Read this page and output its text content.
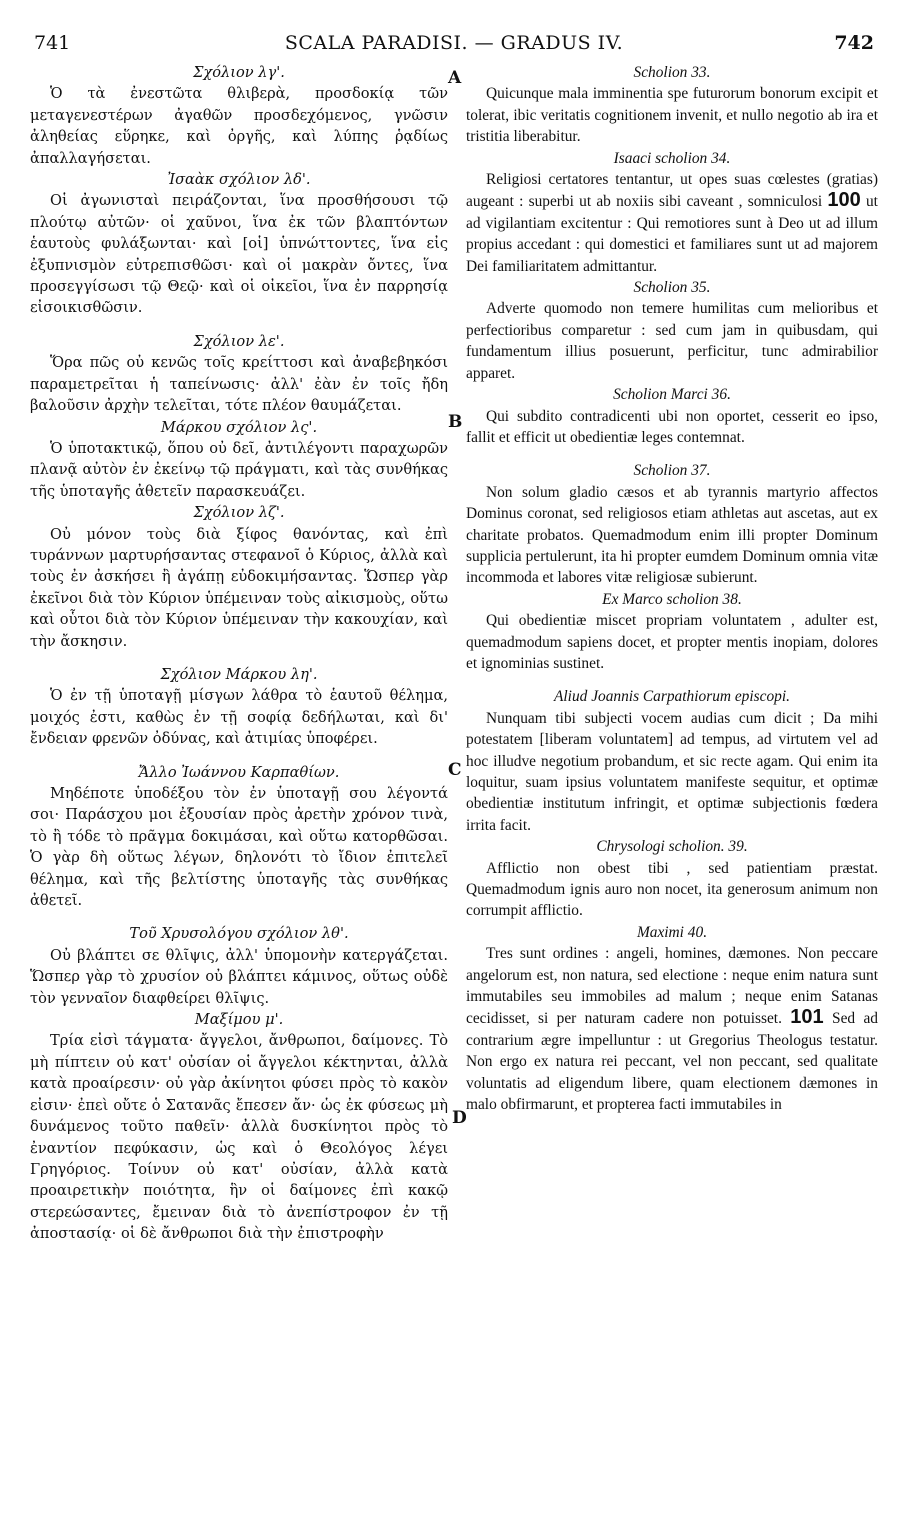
741	SCALA PARADISI. — GRADUS IV.	742
A
B
C
D

Σχόλιον λγ'.

Ὁ τὰ ἐνεστῶτα θλιβερὰ, προσδοκίᾳ τῶν μεταγενεστέρων ἀγαθῶν προσδεχόμενος, γνῶσιν ἀληθείας εὕρηκε, καὶ ὀργῆς, καὶ λύπης ῥᾳδίως ἀπαλλαγήσεται.

Ἰσαὰκ σχόλιον λδ'.

Οἱ ἀγωνισταὶ πειράζονται, ἵνα προσθήσουσι τῷ πλούτῳ αὐτῶν· οἱ χαῦνοι, ἵνα ἐκ τῶν βλαπτόντων ἑαυτοὺς φυλάξωνται· καὶ [οἱ] ὑπνώττοντες, ἵνα εἰς ἐξυπνισμὸν εὐτρεπισθῶσι· καὶ οἱ μακρὰν ὄντες, ἵνα προσεγγίσωσι τῷ Θεῷ· καὶ οἱ οἰκεῖοι, ἵνα ἐν παρρησίᾳ εἰσοικισθῶσιν.

Σχόλιον λε'.

Ὅρα πῶς οὐ κενῶς τοῖς κρείττοσι καὶ ἀναβεβηκόσι παραμετρεῖται ἡ ταπείνωσις· ἀλλ' ἐὰν ἐν τοῖς ἤδη βαλοῦσιν ἀρχὴν τελεῖται, τότε πλέον θαυμάζεται.

Μάρκου σχόλιον λς'.

Ὁ ὑποτακτικῷ, ὅπου οὐ δεῖ, ἀντιλέγοντι παραχωρῶν πλανᾷ αὐτὸν ἐν ἐκείνῳ τῷ πράγματι, καὶ τὰς συνθήκας τῆς ὑποταγῆς ἀθετεῖν παρασκευάζει.

Σχόλιον λζ'.

Οὐ μόνον τοὺς διὰ ξίφος θανόντας, καὶ ἐπὶ τυράννων μαρτυρήσαντας στεφανοῖ ὁ Κύριος, ἀλλὰ καὶ τοὺς ἐν ἀσκήσει ἢ ἀγάπῃ εὐδοκιμήσαντας. Ὥσπερ γὰρ ἐκεῖνοι διὰ τὸν Κύριον ὑπέμειναν τοὺς αἰκισμοὺς, οὕτω καὶ οὗτοι διὰ τὸν Κύριον ὑπέμειναν τὴν κακουχίαν, καὶ τὴν ἄσκησιν.

Σχόλιον Μάρκου λη'.

Ὁ ἐν τῇ ὑποταγῇ μίσγων λάθρα τὸ ἑαυτοῦ θέλημα, μοιχός ἐστι, καθὼς ἐν τῇ σοφίᾳ δεδήλωται, καὶ δι' ἔνδειαν φρενῶν ὀδύνας, καὶ ἀτιμίας ὑποφέρει.

Ἄλλο Ἰωάννου Καρπαθίων.

Μηδέποτε ὑποδέξου τὸν ἐν ὑποταγῇ σου λέγοντά σοι· Παράσχου μοι ἐξουσίαν πρὸς ἀρετὴν χρόνον τινὰ, τὸ ἢ τόδε τὸ πρᾶγμα δοκιμάσαι, καὶ οὕτω κατορθῶσαι. Ὁ γὰρ δὴ οὕτως λέγων, δηλονότι τὸ ἴδιον ἐπιτελεῖ θέλημα, καὶ τῆς βελτίστης ὑποταγῆς τὰς συνθήκας ἀθετεῖ.

Τοῦ Χρυσολόγου σχόλιον λθ'.

Οὐ βλάπτει σε θλῖψις, ἀλλ' ὑπομονὴν κατεργάζεται. Ὥσπερ γὰρ τὸ χρυσίον οὐ βλάπτει κάμινος, οὕτως οὐδὲ τὸν γενναῖον διαφθείρει θλῖψις.

Μαξίμου μ'.

Τρία εἰσὶ τάγματα· ἄγγελοι, ἄνθρωποι, δαίμονες. Τὸ μὴ πίπτειν οὐ κατ' οὐσίαν οἱ ἄγγελοι κέκτηνται, ἀλλὰ κατὰ προαίρεσιν· οὐ γὰρ ἀκίνητοι φύσει πρὸς τὸ κακὸν εἰσιν· ἐπεὶ οὔτε ὁ Σατανᾶς ἔπεσεν ἄν· ὡς ἐκ φύσεως μὴ δυνάμενος τοῦτο παθεῖν· ἀλλὰ δυσκίνητοι πρὸς τὸ ἐναντίον πεφύκασιν, ὡς καὶ ὁ Θεολόγος λέγει Γρηγόριος. Τοίνυν οὐ κατ' οὐσίαν, ἀλλὰ κατὰ προαιρετικὴν ποιότητα, ἣν οἱ δαίμονες ἐπὶ κακῷ στερεώσαντες, ἔμειναν διὰ τὸ ἀνεπίστροφον ἐν τῇ ἀποστασίᾳ· οἱ δὲ ἄνθρωποι διὰ τὴν ἐπιστροφὴν

Scholion 33.

Quicunque mala imminentia spe futurorum bonorum excipit et tolerat, ibic veritatis cognitionem invenit, et nullo negotio ab ira et tristitia liberabitur.

Isaaci scholion 34.

Religiosi certatores tentantur, ut opes suas cœlestes (gratias) augeant : superbi ut ab noxiis sibi caveant , somniculosi 100 ut ad vigilantiam excitentur : Qui remotiores sunt à Deo ut ad illum propius accedant : qui domestici et familiares sunt ut ad majorem Dei familiaritatem admittantur.

Scholion 35.

Adverte quomodo non temere humilitas cum melioribus et perfectioribus comparetur : sed cum jam in quibusdam, qui fundamentum illius posuerunt, perficitur, tunc admirabilior apparet.

Scholion Marci 36.

Qui subdito contradicenti ubi non oportet, cesserit eo ipso, fallit et efficit ut obedientiæ leges contemnat.

Scholion 37.

Non solum gladio cæsos et ab tyrannis martyrio affectos Dominus coronat, sed religiosos etiam athletas aut ascetas, aut ex charitate probatos. Quemadmodum enim illi propter Dominum supplicia pertulerunt, ita hi propter eumdem Dominum omnia vitæ incommoda et labores vitæ religiosæ subierunt.

Ex Marco scholion 38.

Qui obedientiæ miscet propriam voluntatem , adulter est, quemadmodum sapiens docet, et propter mentis inopiam, dolores et ignominias sustinet.

Aliud Joannis Carpathiorum episcopi.

Nunquam tibi subjecti vocem audias cum dicit ; Da mihi potestatem [liberam voluntatem] ad tempus, ad virtutem vel ad hoc illudve negotium probandum, et sic recte agam. Qui enim ita loquitur, suam ipsius voluntatem manifeste sequitur, et optimæ obedientiæ institutum infringit, et optimæ subjectionis fœdera irrita facit.

Chrysologi scholion. 39.

Afflictio non obest tibi , sed patientiam præstat. Quemadmodum ignis auro non nocet, ita generosum animum non corrumpit afflictio.

Maximi 40.

Tres sunt ordines : angeli, homines, dæmones. Non peccare angelorum est, non natura, sed electione : neque enim natura sunt immutabiles seu immobiles ad malum ; neque enim Satanas cecidisset, si per naturam cadere non potuisset. 101 Sed ad contrarium ægre impelluntur : ut Gregorius Theologus testatur. Non ergo ex natura rei peccant, vel non peccant, sed qualitate voluntatis ad eligendum libere, quam electionem dæmones in malo obfirmarunt, et propterea facti immutabiles in
